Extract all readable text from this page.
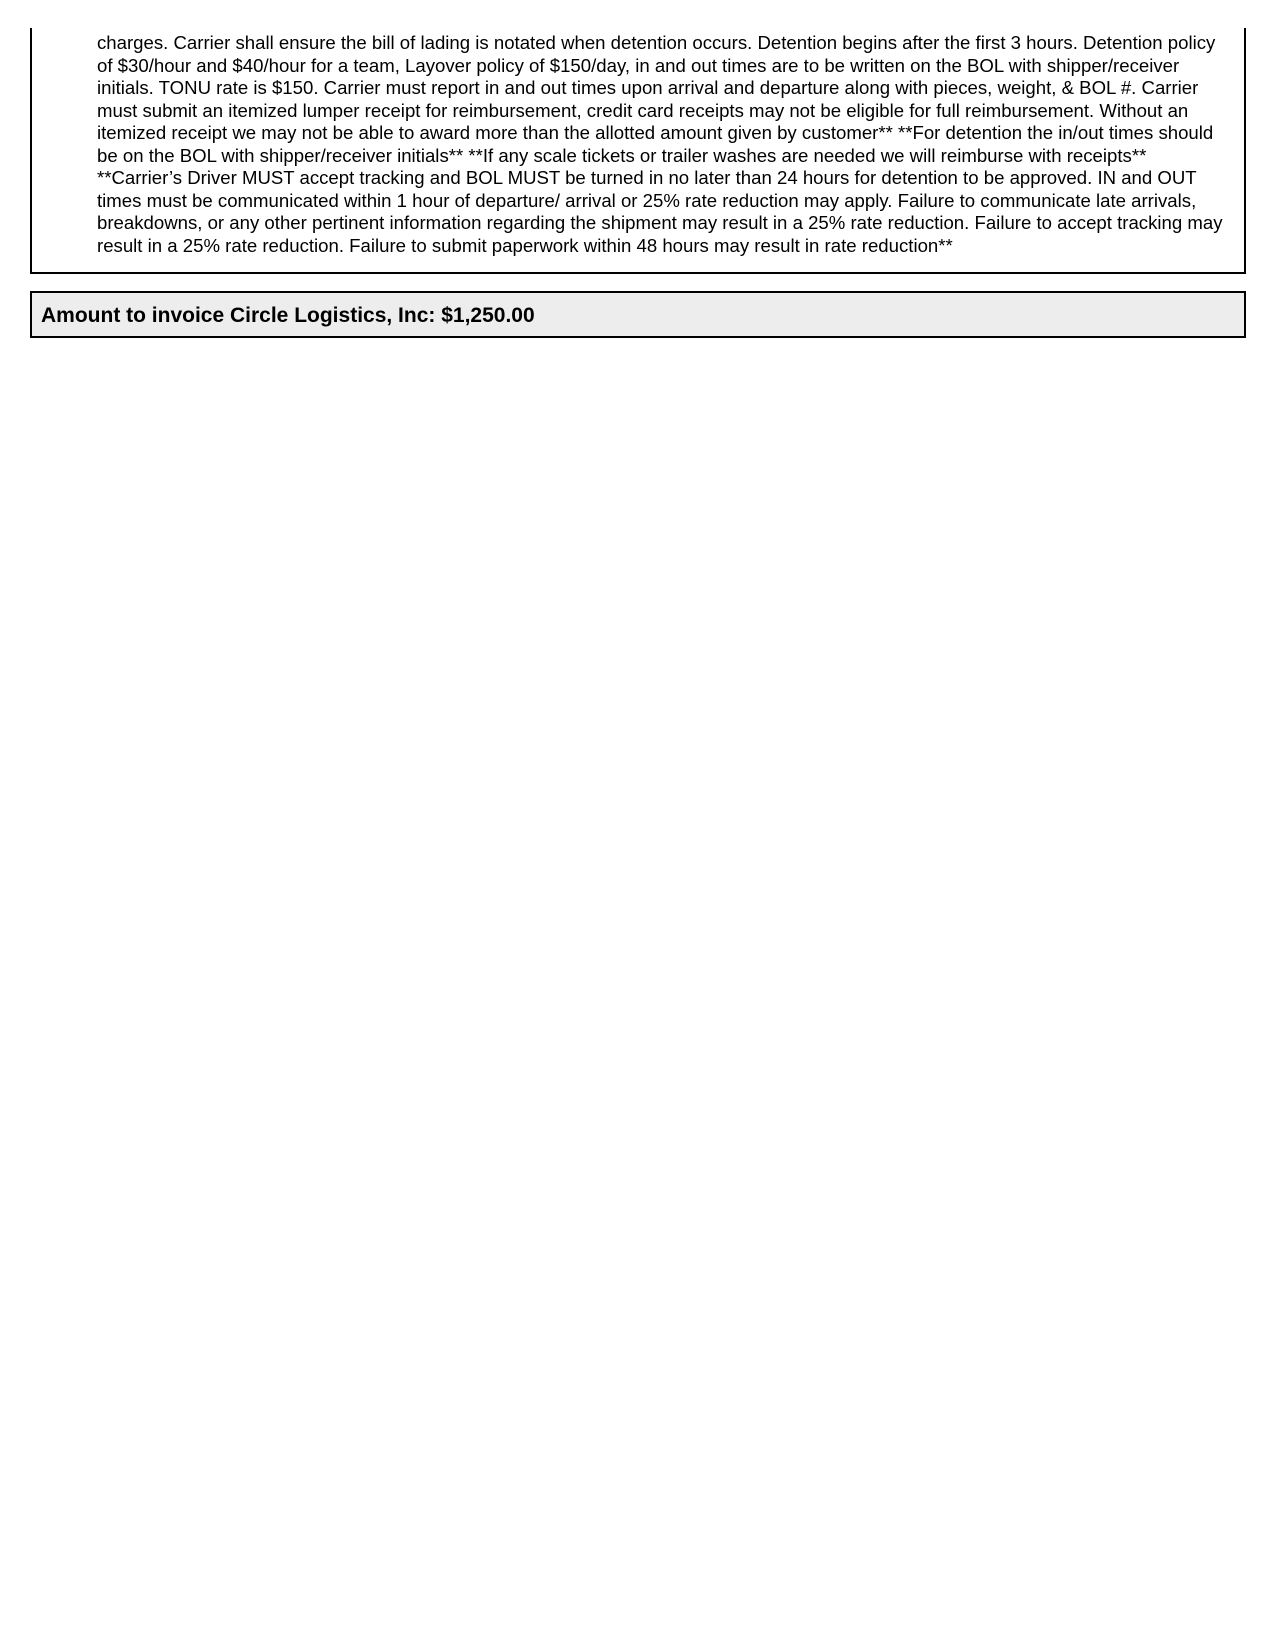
charges. Carrier shall ensure the bill of lading is notated when detention occurs. Detention begins after the first 3 hours. Detention policy
of $30/hour and $40/hour for a team, Layover policy of $150/day, in and out times are to be written on the BOL with shipper/receiver
initials. TONU rate is $150. Carrier must report in and out times upon arrival and departure along with pieces, weight, & BOL #. Carrier
must submit an itemized lumper receipt for reimbursement, credit card receipts may not be eligible for full reimbursement. Without an
itemized receipt we may not be able to award more than the allotted amount given by customer** **For detention the in/out times should
be on the BOL with shipper/receiver initials** **If any scale tickets or trailer washes are needed we will reimburse with receipts**
**Carrier’s Driver MUST accept tracking and BOL MUST be turned in no later than 24 hours for detention to be approved. IN and OUT
times must be communicated within 1 hour of departure/ arrival or 25% rate reduction may apply. Failure to communicate late arrivals,
breakdowns, or any other pertinent information regarding the shipment may result in a 25% rate reduction. Failure to accept tracking may
result in a 25% rate reduction. Failure to submit paperwork within 48 hours may result in rate reduction**

Amount to invoice Circle Logistics, Inc: $1,250.00
